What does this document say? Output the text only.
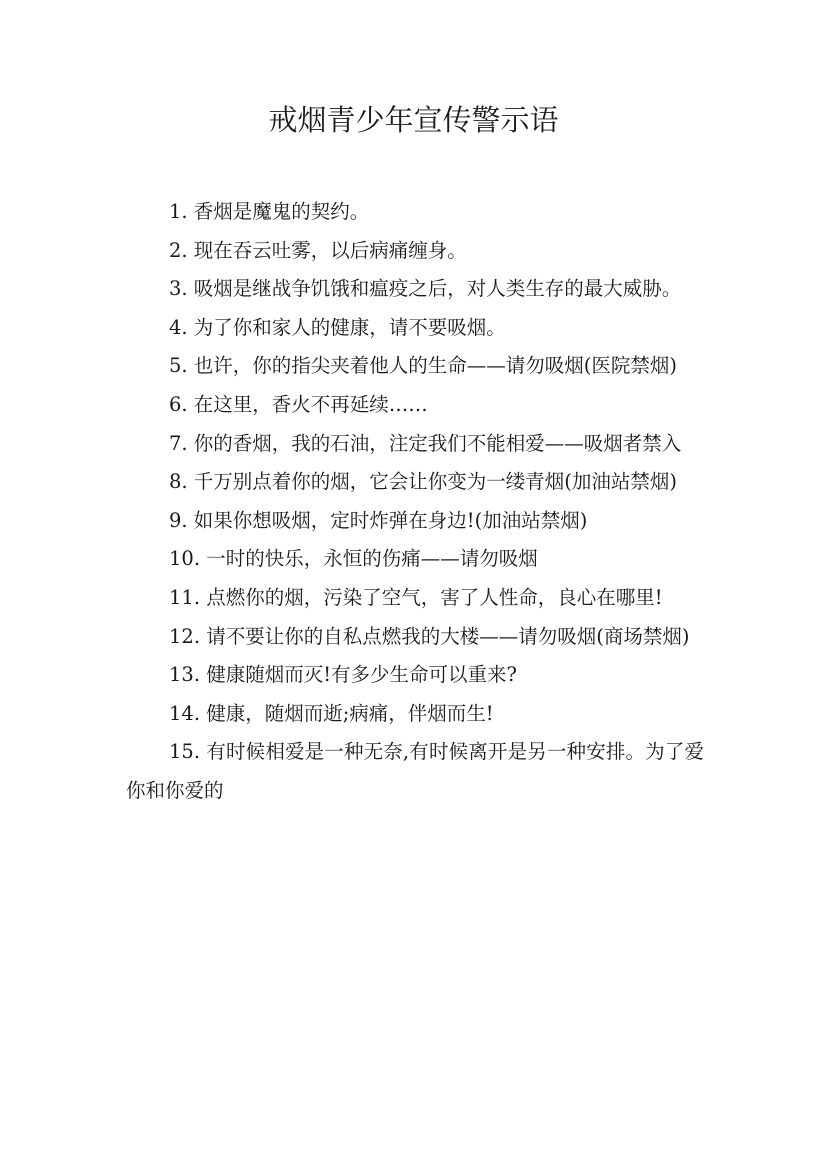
戒烟青少年宣传警示语

1. 香烟是魔鬼的契约。

2. 现在吞云吐雾，以后病痛缠身。

3. 吸烟是继战争饥饿和瘟疫之后，对人类生存的最大威胁。

4. 为了你和家人的健康，请不要吸烟。

5. 也许，你的指尖夹着他人的生命——请勿吸烟(医院禁烟)

6. 在这里，香火不再延续……

7. 你的香烟，我的石油，注定我们不能相爱——吸烟者禁入

8. 千万别点着你的烟，它会让你变为一缕青烟(加油站禁烟)

9. 如果你想吸烟，定时炸弹在身边!(加油站禁烟)

10. 一时的快乐，永恒的伤痛——请勿吸烟

11. 点燃你的烟，污染了空气，害了人性命，良心在哪里!

12. 请不要让你的自私点燃我的大楼——请勿吸烟(商场禁烟)

13. 健康随烟而灭!有多少生命可以重来?

14. 健康，随烟而逝;病痛，伴烟而生!

15. 有时候相爱是一种无奈,有时候离开是另一种安排。为了爱你和你爱的
